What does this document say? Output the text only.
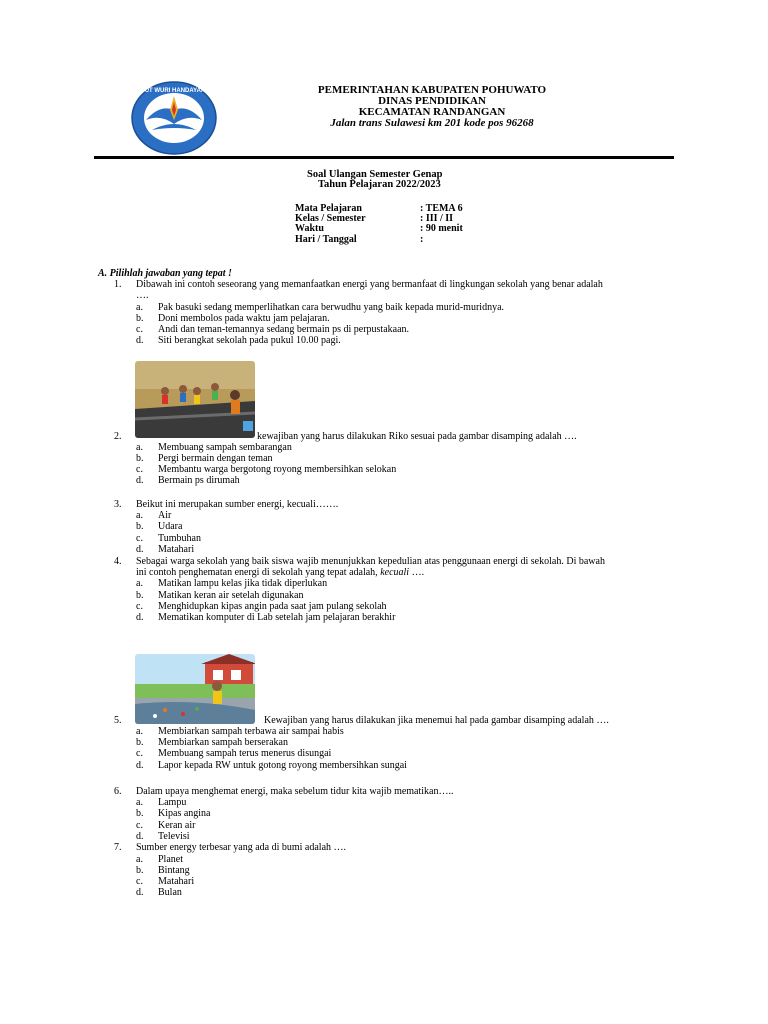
TUT WURI HANDAYANI	PEMERINTAHAN KABUPATEN POHUWATO
DINAS PENDIDIKAN
KECAMATAN RANDANGAN
Jalan trans Sulawesi km 201 kode pos 96268
Soal Ulangan Semester Genap
Tahun Pelajaran 2022/2023
Mata Pelajaran	: TEMA 6
Kelas / Semester	: III / II
Waktu	: 90 menit
Hari / Tanggal	:
A. Pilihlah jawaban yang tepat !
1. Dibawah ini contoh seseorang yang memanfaatkan energi yang bermanfaat di lingkungan sekolah yang benar adalah
….
a. Pak basuki sedang memperlihatkan cara berwudhu yang baik kepada murid-muridnya.
b. Doni membolos pada waktu jam pelajaran.
c. Andi dan teman-temannya sedang bermain ps di perpustakaan.
d. Siti berangkat sekolah pada pukul 10.00 pagi.
2.	kewajiban yang harus dilakukan Riko sesuai pada gambar disamping adalah ….
a. Membuang sampah sembarangan
b. Pergi bermain dengan teman
c. Membantu warga bergotong royong membersihkan selokan
d. Bermain ps dirumah
3. Beikut ini merupakan sumber energi, kecuali…….
a. Air
b. Udara
c. Tumbuhan
d. Matahari
4. Sebagai warga sekolah yang baik siswa wajib menunjukkan kepedulian atas penggunaan energi di sekolah. Di bawah
ini contoh penghematan energi di sekolah yang tepat adalah, kecuali ….
a. Matikan lampu kelas jika tidak diperlukan
b. Matikan keran air setelah digunakan
c. Menghidupkan kipas angin pada saat jam pulang sekolah
d. Mematikan komputer di Lab setelah jam pelajaran berakhir
5.	Kewajiban yang harus dilakukan jika menemui hal pada gambar disamping adalah ….
a. Membiarkan sampah terbawa air sampai habis
b. Membiarkan sampah berserakan
c. Membuang sampah terus menerus disungai
d. Lapor kepada RW untuk gotong royong membersihkan sungai
6. Dalam upaya menghemat energi, maka sebelum tidur kita wajib mematikan…..
a. Lampu
b. Kipas angina
c. Keran air
d. Televisi
7. Sumber energy terbesar yang ada di bumi adalah ….
a. Planet
b. Bintang
c. Matahari
d. Bulan
